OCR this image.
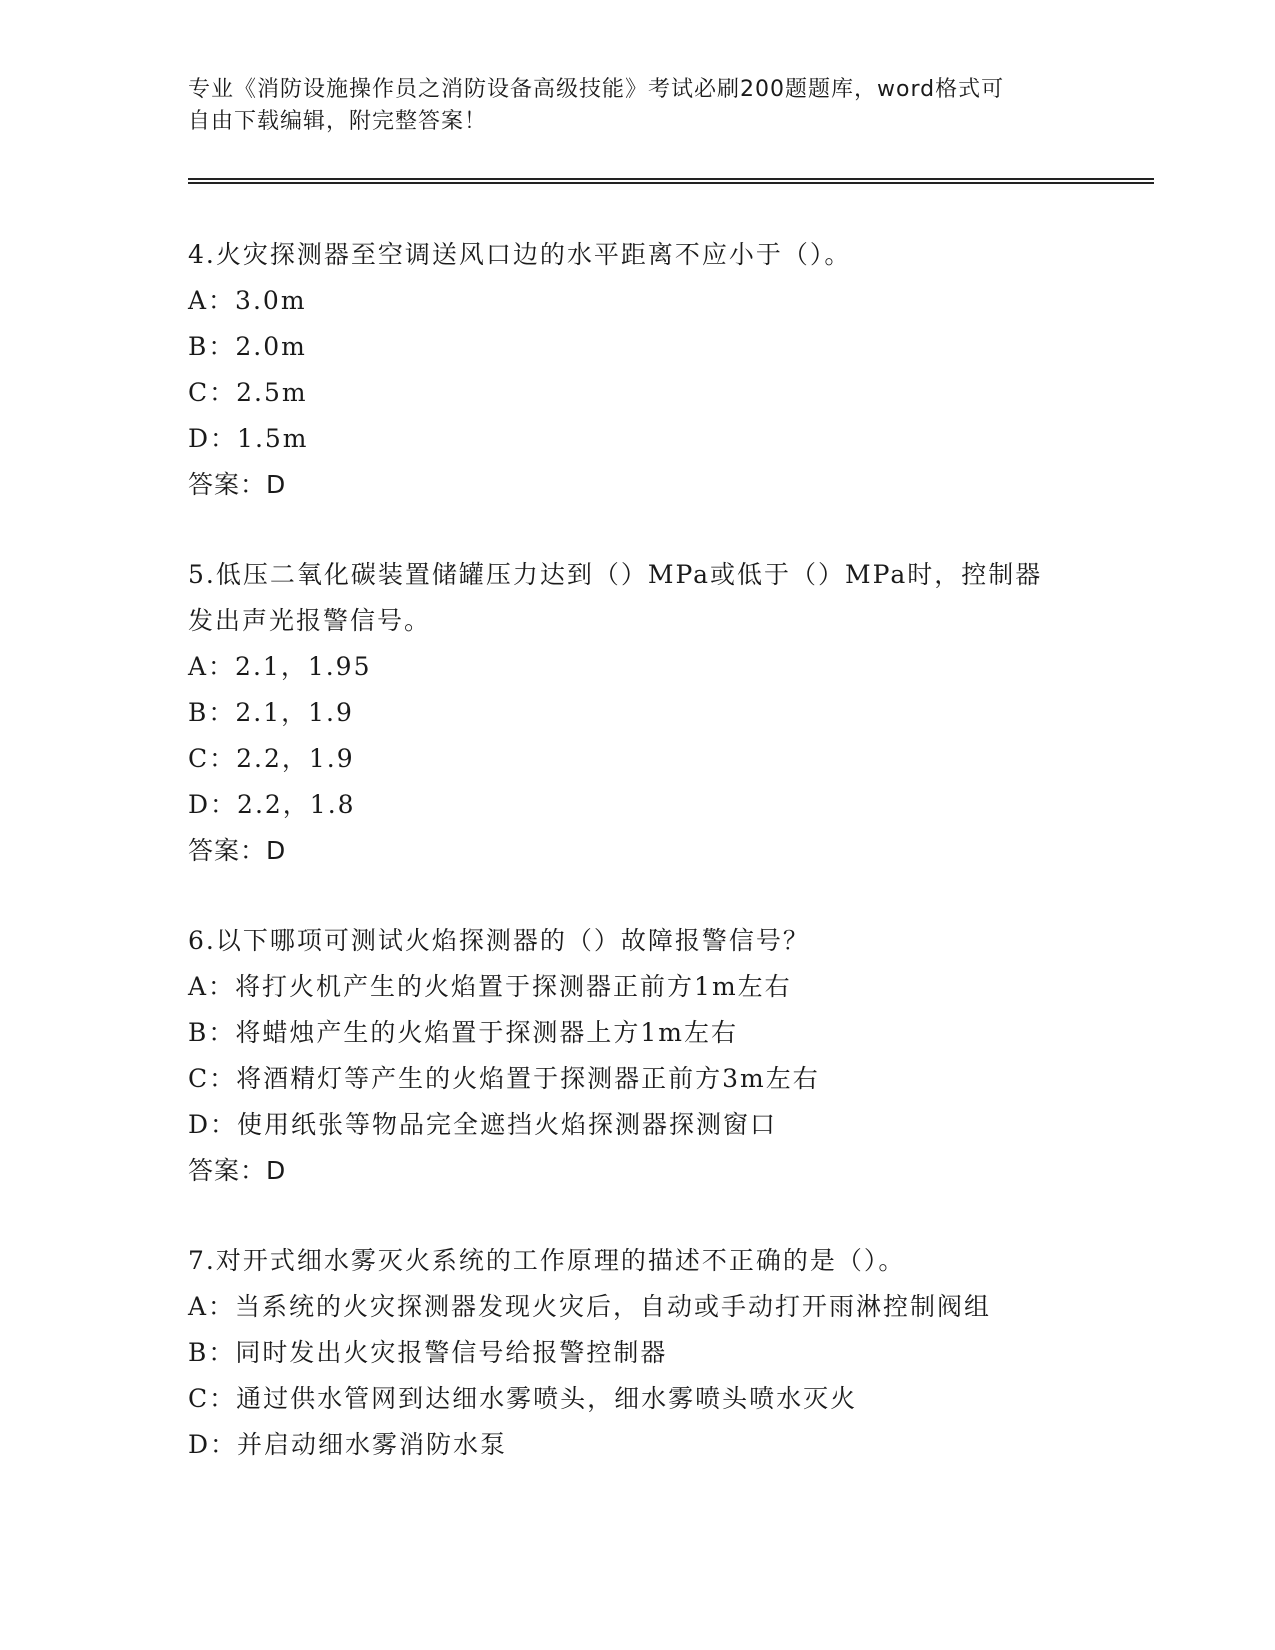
专业《消防设施操作员之消防设备高级技能》考试必刷200题题库，word格式可

自由下载编辑，附完整答案！

4.火灾探测器至空调送风口边的水平距离不应小于（）。
A：3.0m
B：2.0m
C：2.5m
D：1.5m
答案：D
5.低压二氧化碳装置储罐压力达到（）MPa或低于（）MPa时，控制器
发出声光报警信号。
A：2.1，1.95
B：2.1，1.9
C：2.2，1.9
D：2.2，1.8
答案：D
6.以下哪项可测试火焰探测器的（）故障报警信号？
A：将打火机产生的火焰置于探测器正前方1m左右
B：将蜡烛产生的火焰置于探测器上方1m左右
C：将酒精灯等产生的火焰置于探测器正前方3m左右
D：使用纸张等物品完全遮挡火焰探测器探测窗口
答案：D
7.对开式细水雾灭火系统的工作原理的描述不正确的是（）。
A：当系统的火灾探测器发现火灾后，自动或手动打开雨淋控制阀组
B：同时发出火灾报警信号给报警控制器
C：通过供水管网到达细水雾喷头，细水雾喷头喷水灭火
D：并启动细水雾消防水泵
